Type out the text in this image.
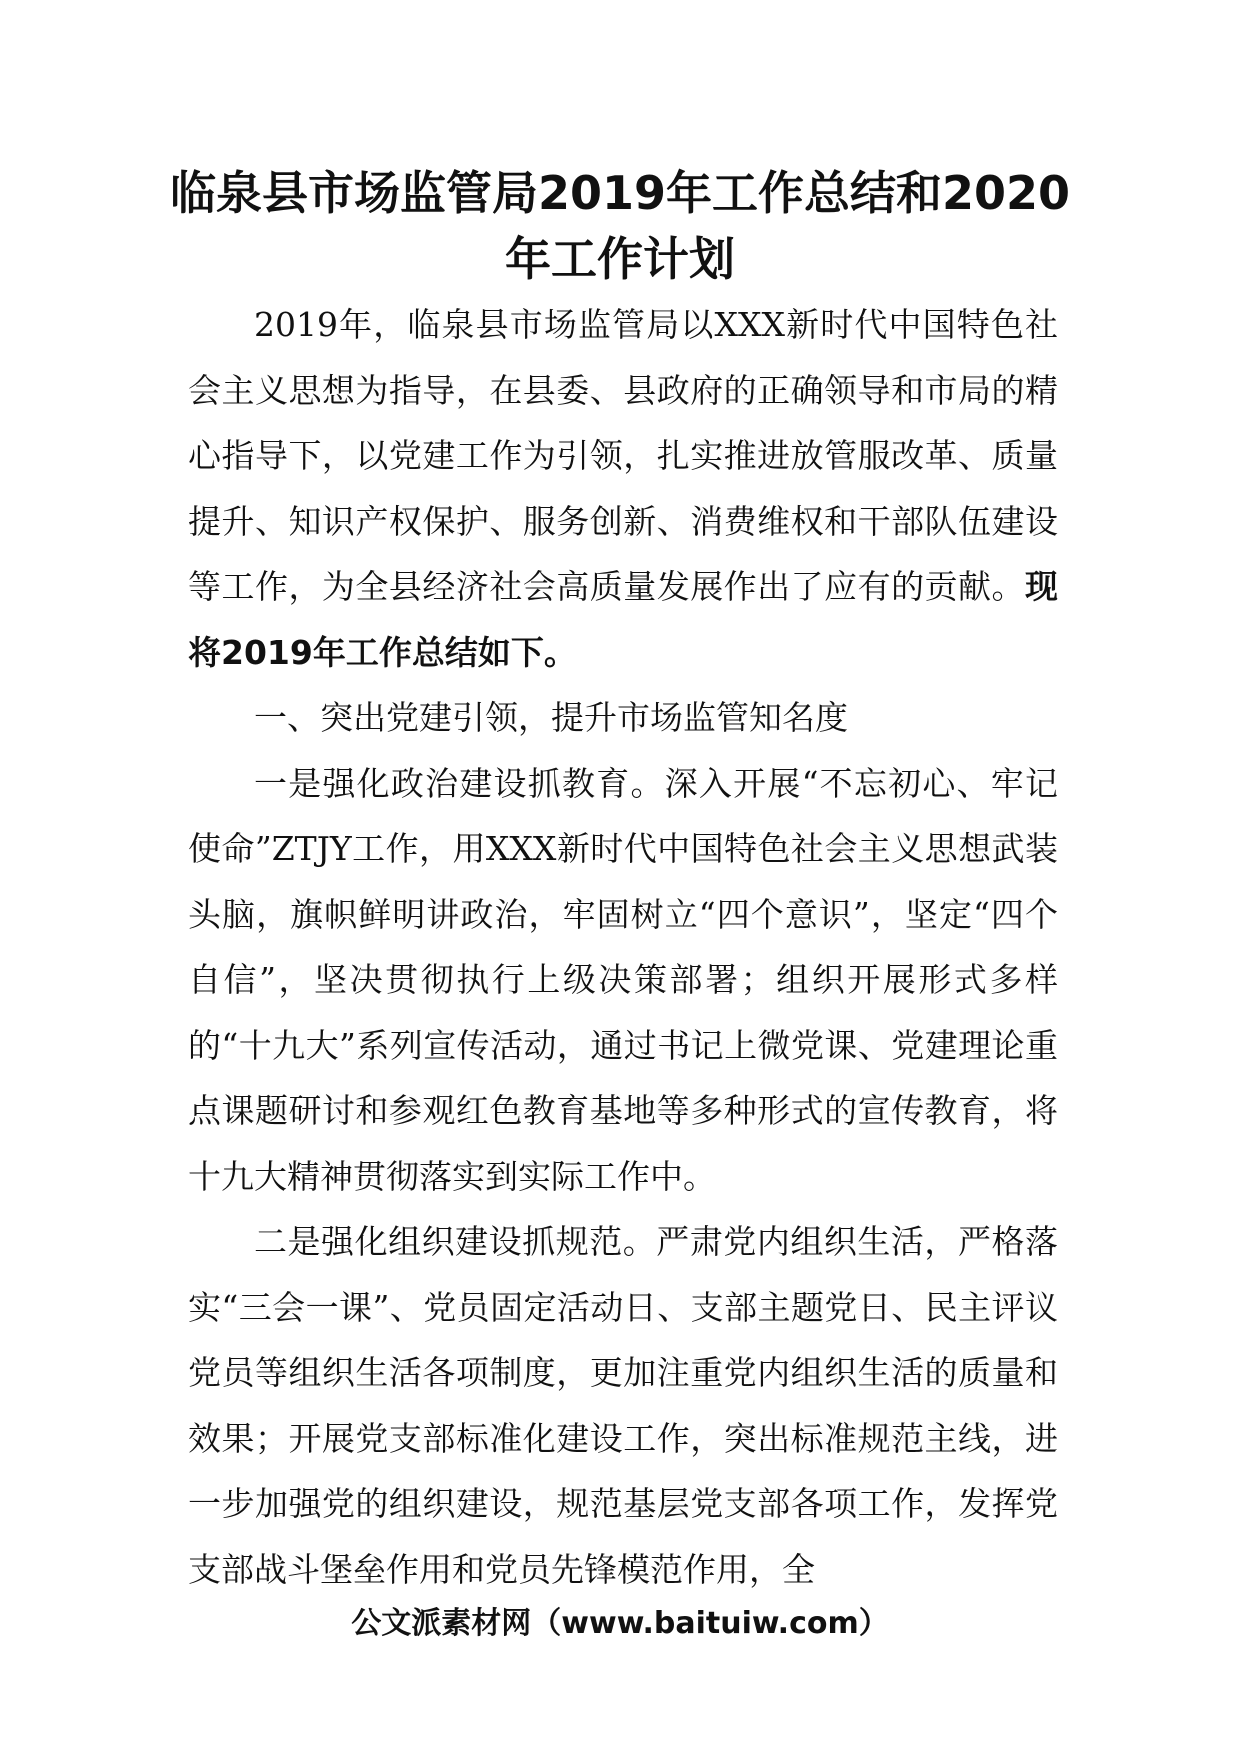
临泉县市场监管局2019年工作总结和2020年工作计划

2019年，临泉县市场监管局以XXX新时代中国特色社会主义思想为指导，在县委、县政府的正确领导和市局的精心指导下，以党建工作为引领，扎实推进放管服改革、质量提升、知识产权保护、服务创新、消费维权和干部队伍建设等工作，为全县经济社会高质量发展作出了应有的贡献。现将2019年工作总结如下。

一、突出党建引领，提升市场监管知名度

一是强化政治建设抓教育。深入开展“不忘初心、牢记使命”ZTJY工作，用XXX新时代中国特色社会主义思想武装头脑，旗帜鲜明讲政治，牢固树立“四个意识”，坚定“四个自信”，坚决贯彻执行上级决策部署；组织开展形式多样的“十九大”系列宣传活动，通过书记上微党课、党建理论重点课题研讨和参观红色教育基地等多种形式的宣传教育，将十九大精神贯彻落实到实际工作中。

二是强化组织建设抓规范。严肃党内组织生活，严格落实“三会一课”、党员固定活动日、支部主题党日、民主评议党员等组织生活各项制度，更加注重党内组织生活的质量和效果；开展党支部标准化建设工作，突出标准规范主线，进一步加强党的组织建设，规范基层党支部各项工作，发挥党支部战斗堡垒作用和党员先锋模范作用，全

公文派素材网（www.baituiw.com）
